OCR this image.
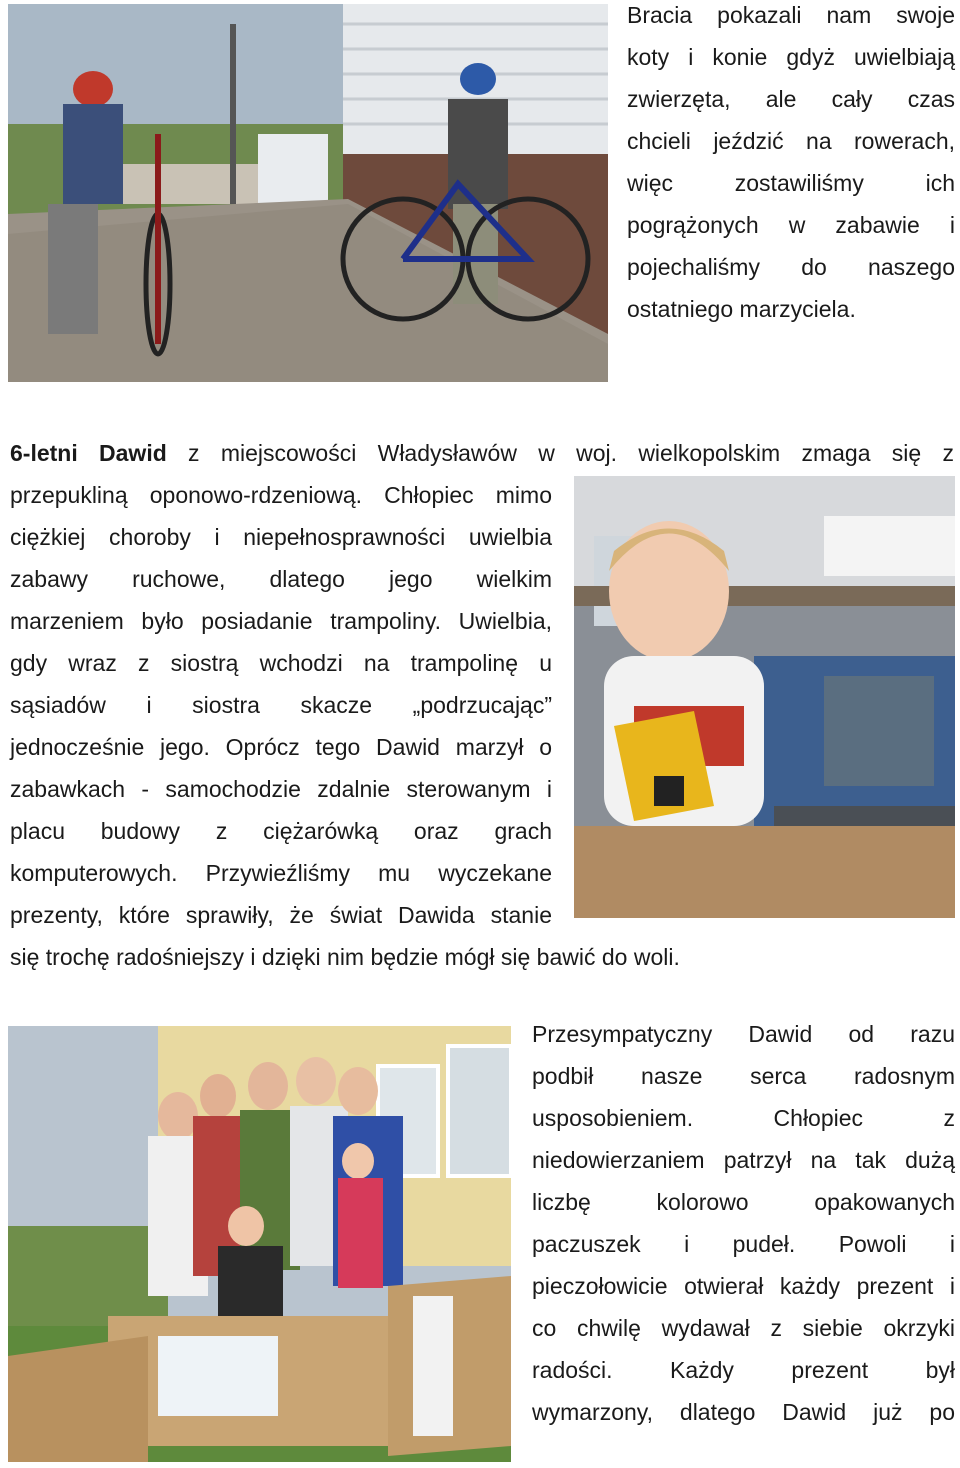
Bracia pokazali nam swoje
koty i konie gdyż uwielbiają
zwierzęta, ale cały czas
chcieli jeździć na rowerach,
więc zostawiliśmy ich
pogrążonych w zabawie i
pojechaliśmy do naszego
ostatniego marzyciela.
6-letni Dawid z miejscowości Władysławów w woj. wielkopolskim zmaga się z
przepukliną oponowo-rdzeniową. Chłopiec mimo
ciężkiej choroby i niepełnosprawności uwielbia
zabawy ruchowe, dlatego jego wielkim
marzeniem było posiadanie trampoliny. Uwielbia,
gdy wraz z siostrą wchodzi na trampolinę u
sąsiadów i siostra skacze „podrzucając”
jednocześnie jego. Oprócz tego Dawid marzył o
zabawkach - samochodzie zdalnie sterowanym i
placu budowy z ciężarówką oraz grach
komputerowych. Przywieźliśmy mu wyczekane
prezenty, które sprawiły, że świat Dawida stanie
się trochę radośniejszy i dzięki nim będzie mógł się bawić do woli.
Przesympatyczny Dawid od razu
podbił nasze serca radosnym
usposobieniem. Chłopiec z
niedowierzaniem patrzył na tak dużą
liczbę kolorowo opakowanych
paczuszek i pudeł. Powoli i
pieczołowicie otwierał każdy prezent i
co chwilę wydawał z siebie okrzyki
radości. Każdy prezent był
wymarzony, dlatego Dawid już po
